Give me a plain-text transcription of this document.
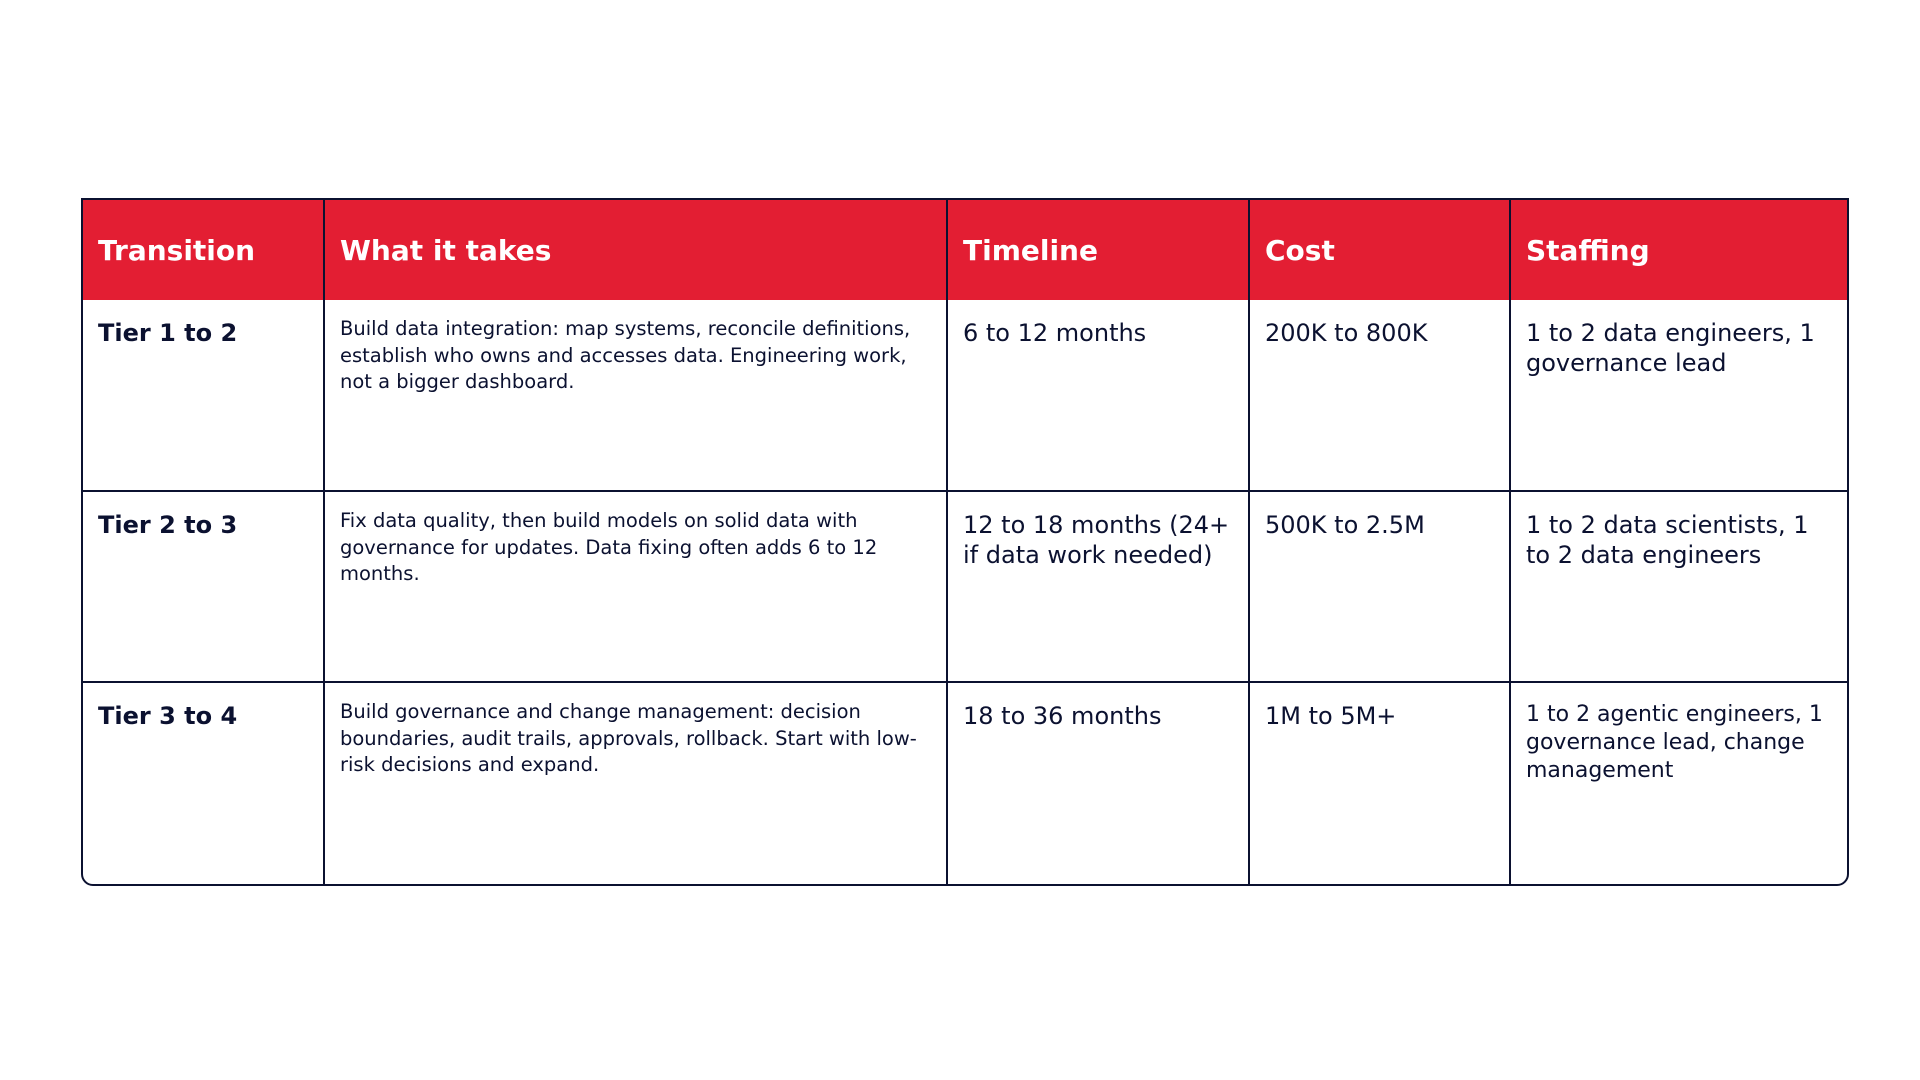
Transition	What it takes	Timeline	Cost	Staffing
Tier 1 to 2	Build data integration: map systems, reconcile definitions, establish who owns and accesses data. Engineering work, not a bigger dashboard.	6 to 12 months	200K to 800K	1 to 2 data engineers, 1 governance lead
Tier 2 to 3	Fix data quality, then build models on solid data with governance for updates. Data fixing often adds 6 to 12 months.	12 to 18 months (24+ if data work needed)	500K to 2.5M	1 to 2 data scientists, 1 to 2 data engineers
Tier 3 to 4	Build governance and change management: decision boundaries, audit trails, approvals, rollback. Start with low-risk decisions and expand.	18 to 36 months	1M to 5M+	1 to 2 agentic engineers, 1 governance lead, change management
